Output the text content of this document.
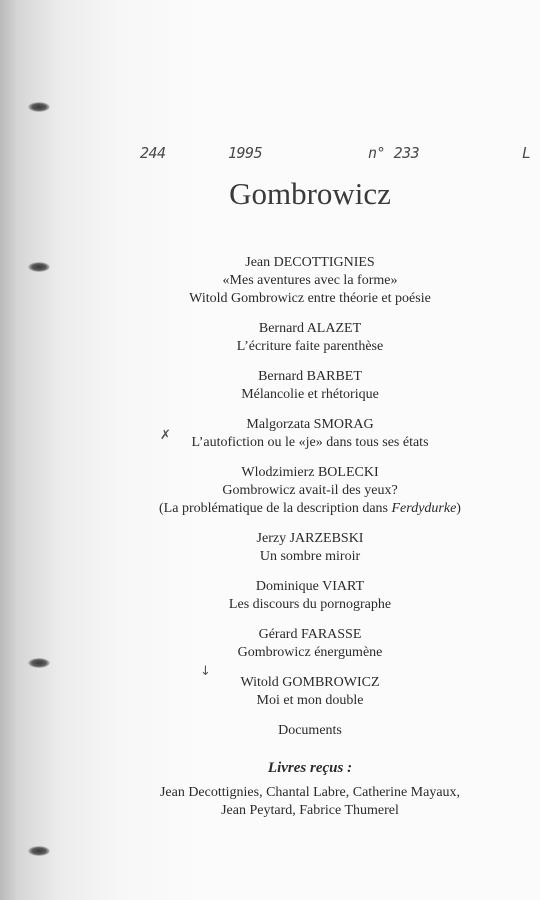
244	1995	n° 233	L
✗
↓
Gombrowicz
Jean DECOTTIGNIES
«Mes aventures avec la forme»
Witold Gombrowicz entre théorie et poésie
Bernard ALAZET
L’écriture faite parenthèse
Bernard BARBET
Mélancolie et rhétorique
Malgorzata SMORAG
L’autofiction ou le «je» dans tous ses états
Wlodzimierz BOLECKI
Gombrowicz avait-il des yeux?
(La problématique de la description dans Ferdydurke)
Jerzy JARZEBSKI
Un sombre miroir
Dominique VIART
Les discours du pornographe
Gérard FARASSE
Gombrowicz énergumène
Witold GOMBROWICZ
Moi et mon double
Documents
Livres reçus :
Jean Decottignies, Chantal Labre, Catherine Mayaux,
Jean Peytard, Fabrice Thumerel
